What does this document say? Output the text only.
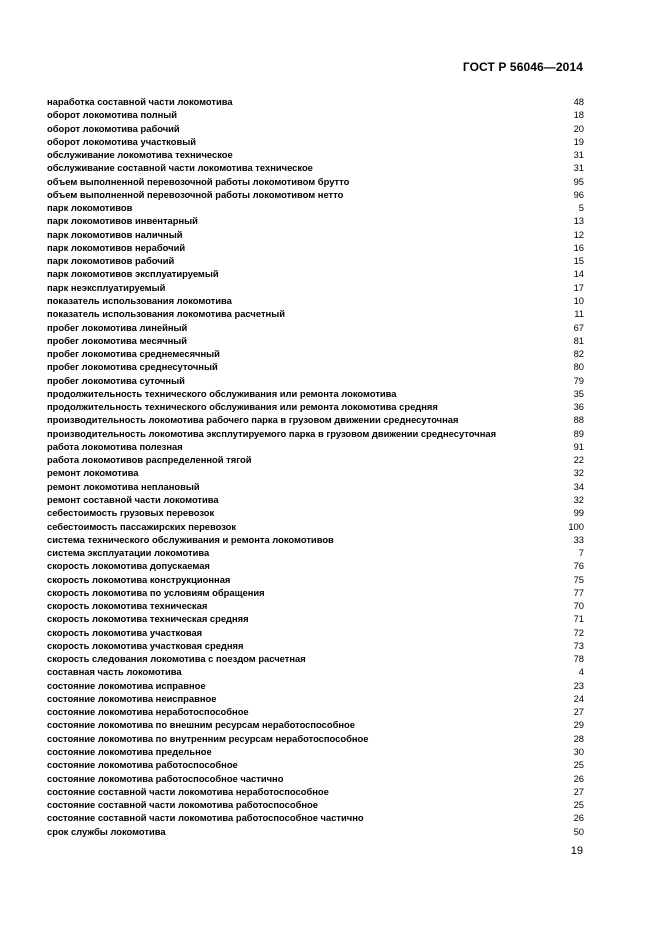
ГОСТ Р 56046—2014
наработка составной части локомотива	48
оборот локомотива полный	18
оборот локомотива рабочий	20
оборот локомотива участковый	19
обслуживание локомотива техническое	31
обслуживание составной части локомотива техническое	31
объем выполненной перевозочной работы локомотивом брутто	95
объем выполненной перевозочной работы локомотивом нетто	96
парк локомотивов	5
парк локомотивов инвентарный	13
парк локомотивов наличный	12
парк локомотивов нерабочий	16
парк локомотивов рабочий	15
парк локомотивов эксплуатируемый	14
парк неэксплуатируемый	17
показатель использования локомотива	10
показатель использования локомотива расчетный	11
пробег локомотива линейный	67
пробег локомотива месячный	81
пробег локомотива среднемесячный	82
пробег локомотива среднесуточный	80
пробег локомотива суточный	79
продолжительность технического обслуживания или ремонта локомотива	35
продолжительность технического обслуживания или ремонта локомотива средняя	36
производительность локомотива рабочего парка в грузовом движении среднесуточная	88
производительность локомотива эксплутируемого парка в грузовом движении среднесуточная	89
работа локомотива полезная	91
работа локомотивов распределенной тягой	22
ремонт локомотива	32
ремонт локомотива неплановый	34
ремонт составной части локомотива	32
себестоимость грузовых перевозок	99
себестоимость пассажирских перевозок	100
система технического обслуживания и ремонта локомотивов	33
система эксплуатации локомотива	7
скорость локомотива допускаемая	76
скорость локомотива конструкционная	75
скорость локомотива по условиям обращения	77
скорость локомотива техническая	70
скорость локомотива техническая средняя	71
скорость локомотива участковая	72
скорость локомотива участковая средняя	73
скорость следования локомотива с поездом расчетная	78
составная часть локомотива	4
состояние локомотива исправное	23
состояние локомотива неисправное	24
состояние локомотива неработоспособное	27
состояние локомотива по внешним ресурсам неработоспособное	29
состояние локомотива по внутренним ресурсам неработоспособное	28
состояние локомотива предельное	30
состояние локомотива работоспособное	25
состояние локомотива работоспособное частично	26
состояние составной части локомотива неработоспособное	27
состояние составной части локомотива работоспособное	25
состояние составной части локомотива работоспособное частично	26
срок службы локомотива	50
19
